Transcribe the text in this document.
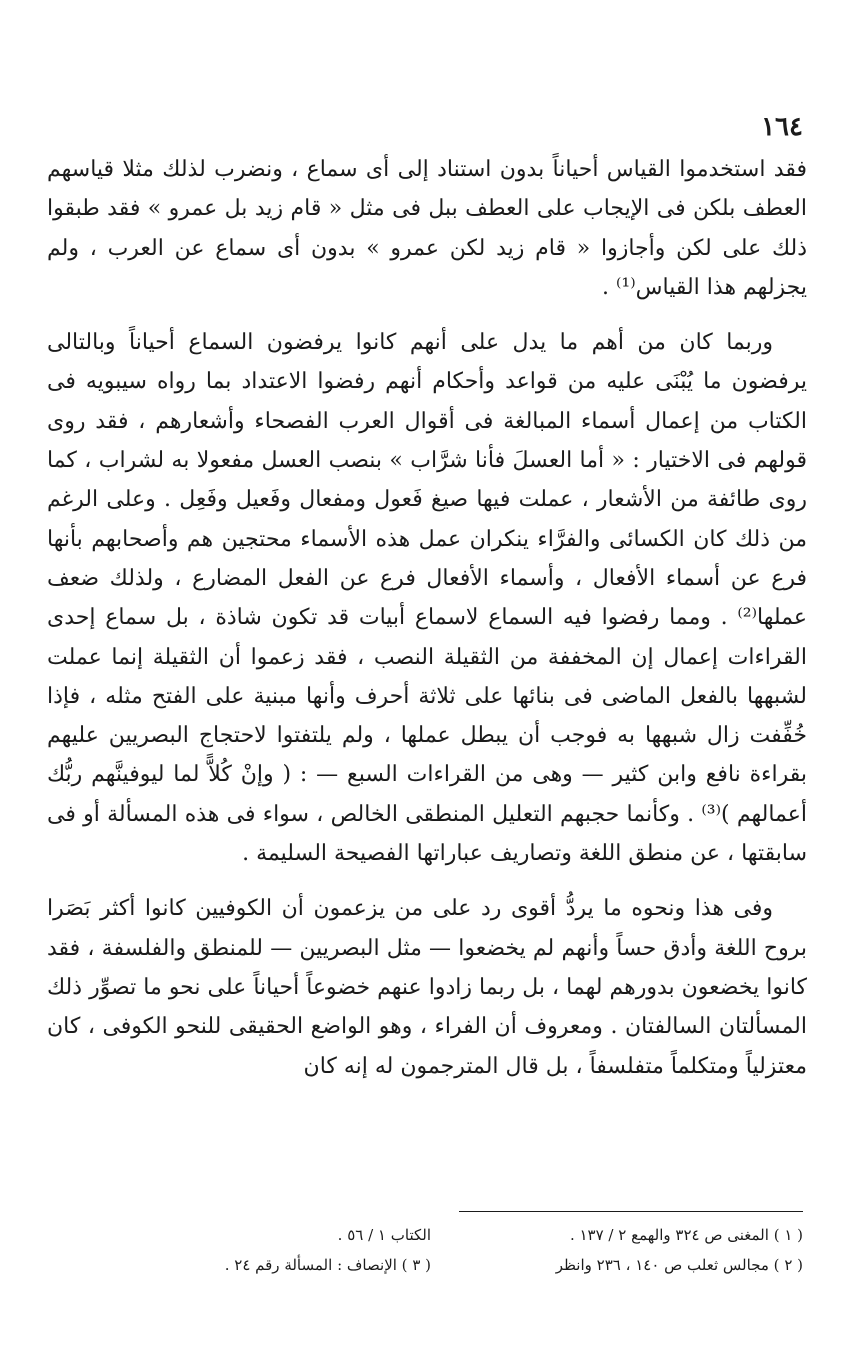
١٦٤

فقد استخدموا القياس أحياناً بدون استناد إلى أى سماع ، ونضرب لذلك مثلا قياسهم العطف بلكن فى الإيجاب على العطف ببل فى مثل « قام زيد بل عمرو » فقد طبقوا ذلك على لكن وأجازوا « قام زيد لكن عمرو » بدون أى سماع عن العرب ، ولم يجزلهم هذا القياس⁽¹⁾ .

وربما كان من أهم ما يدل على أنهم كانوا يرفضون السماع أحياناً وبالتالى يرفضون ما يُبْنَى عليه من قواعد وأحكام أنهم رفضوا الاعتداد بما رواه سيبويه فى الكتاب من إعمال أسماء المبالغة فى أقوال العرب الفصحاء وأشعارهم ، فقد روى قولهم فى الاختيار : « أما العسلَ فأنا شرَّاب » بنصب العسل مفعولا به لشراب ، كما روى طائفة من الأشعار ، عملت فيها صيغ فَعول ومفعال وفَعيل وفَعِل . وعلى الرغم من ذلك كان الكسائى والفرَّاء ينكران عمل هذه الأسماء محتجين هم وأصحابهم بأنها فرع عن أسماء الأفعال ، وأسماء الأفعال فرع عن الفعل المضارع ، ولذلك ضعف عملها⁽²⁾ . ومما رفضوا فيه السماع لاسماع أبيات قد تكون شاذة ، بل سماع إحدى القراءات إعمال إن المخففة من الثقيلة النصب ، فقد زعموا أن الثقيلة إنما عملت لشبهها بالفعل الماضى فى بنائها على ثلاثة أحرف وأنها مبنية على الفتح مثله ، فإذا خُفِّفت زال شبهها به فوجب أن يبطل عملها ، ولم يلتفتوا لاحتجاج البصريين عليهم بقراءة نافع وابن كثير — وهى من القراءات السبع — : ( وإنْ كُلاًّ لما ليوفينَّهم ربُّك أعمالهم )⁽³⁾ . وكأنما حجبهم التعليل المنطقى الخالص ، سواء فى هذه المسألة أو فى سابقتها ، عن منطق اللغة وتصاريف عباراتها الفصيحة السليمة .

وفى هذا ونحوه ما يردُّ أقوى رد على من يزعمون أن الكوفيين كانوا أكثر بَصَرا بروح اللغة وأدق حساً وأنهم لم يخضعوا — مثل البصريين — للمنطق والفلسفة ، فقد كانوا يخضعون بدورهم لهما ، بل ربما زادوا عنهم خضوعاً أحياناً على نحو ما تصوِّر ذلك المسألتان السالفتان . ومعروف أن الفراء ، وهو الواضع الحقيقى للنحو الكوفى ، كان معتزلياً ومتكلماً متفلسفاً ، بل قال المترجمون له إنه كان

( ١ ) المغنى ص ٣٢٤ والهمع ٢ / ١٣٧ .
( ٢ ) مجالس ثعلب ص ١٤٠ ، ٢٣٦ وانظر
الكتاب ١ / ٥٦ .
( ٣ ) الإنصاف : المسألة رقم ٢٤ .
